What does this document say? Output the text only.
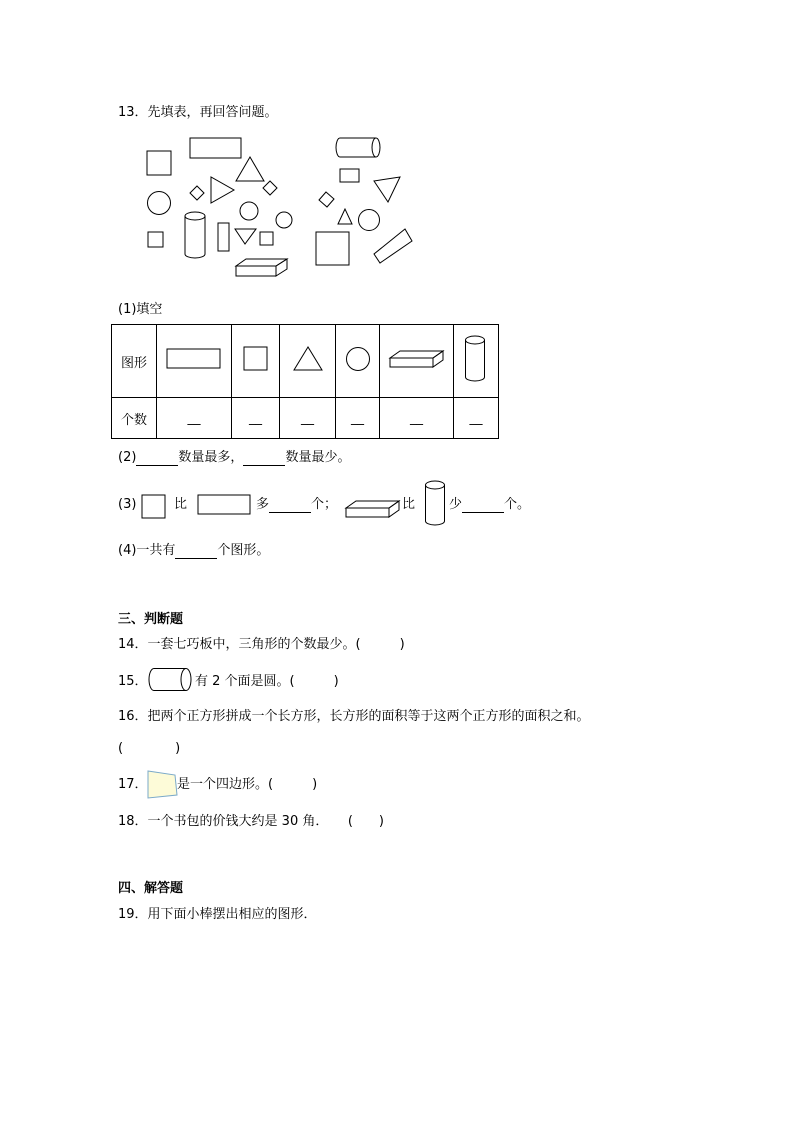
13．先填表，再回答问题。
(1)填空
图形						
个数	__	__	__	__	__	__
(2)	数量最多，	数量最少。
(3)	比	多	个；	比	少	个。
(4)一共有	个图形。
三、判断题
14．一套七巧板中，三角形的个数最少。(　　　)
15．	有 2 个面是圆。(　　　)
16．把两个正方形拼成一个长方形，长方形的面积等于这两个正方形的面积之和。
(　　　　)
17． 是一个四边形。(　　　)
18．一个书包的价钱大约是 30 角．　　(　　)
四、解答题
19．用下面小棒摆出相应的图形．
